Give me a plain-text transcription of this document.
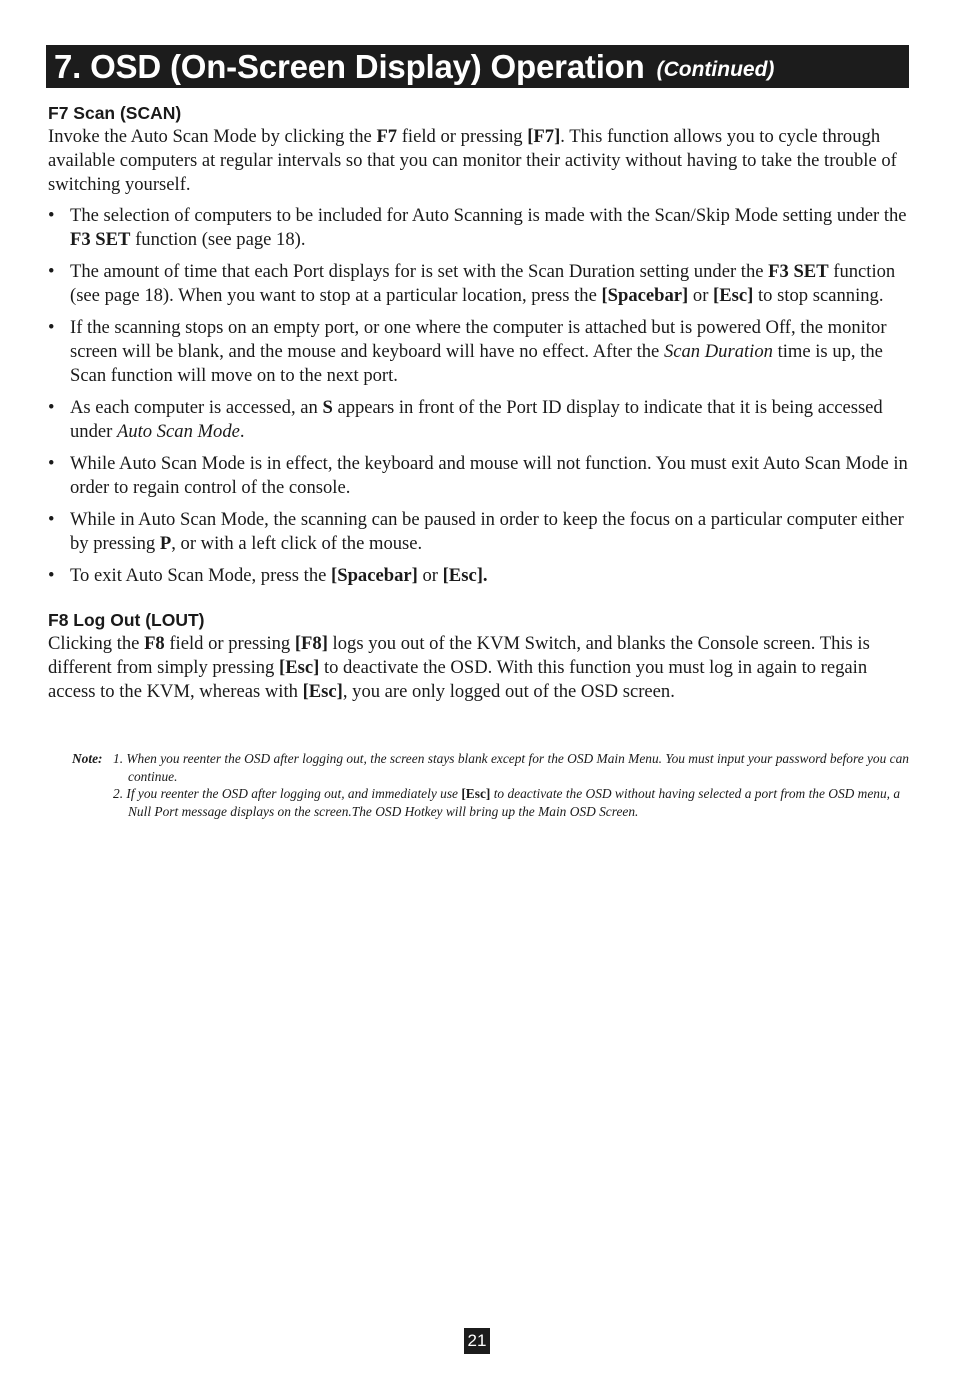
7. OSD (On-Screen Display) Operation (Continued)
F7 Scan (SCAN)

Invoke the Auto Scan Mode by clicking the F7 field or pressing [F7]. This function allows you to cycle through available computers at regular intervals so that you can monitor their activity without having to take the trouble of switching yourself.

• The selection of computers to be included for Auto Scanning is made with the Scan/Skip Mode setting under the F3 SET function (see page 18).
• The amount of time that each Port displays for is set with the Scan Duration setting under the F3 SET function (see page 18). When you want to stop at a particular location, press the [Spacebar] or [Esc] to stop scanning.
• If the scanning stops on an empty port, or one where the computer is attached but is powered Off, the monitor screen will be blank, and the mouse and keyboard will have no effect. After the Scan Duration time is up, the Scan function will move on to the next port.
• As each computer is accessed, an S appears in front of the Port ID display to indicate that it is being accessed under Auto Scan Mode.
• While Auto Scan Mode is in effect, the keyboard and mouse will not function. You must exit Auto Scan Mode in order to regain control of the console.
• While in Auto Scan Mode, the scanning can be paused in order to keep the focus on a particular computer either by pressing P, or with a left click of the mouse.
• To exit Auto Scan Mode, press the [Spacebar] or [Esc].
F8 Log Out (LOUT)

Clicking the F8 field or pressing [F8] logs you out of the KVM Switch, and blanks the Console screen. This is different from simply pressing [Esc] to deactivate the OSD. With this function you must log in again to regain access to the KVM, whereas with [Esc], you are only logged out of the OSD screen.

Note: 1. When you reenter the OSD after logging out, the screen stays blank except for the OSD Main Menu. You must input your password before you can continue.
2. If you reenter the OSD after logging out, and immediately use [Esc] to deactivate the OSD without having selected a port from the OSD menu, a Null Port message displays on the screen.The OSD Hotkey will bring up the Main OSD Screen.
21
